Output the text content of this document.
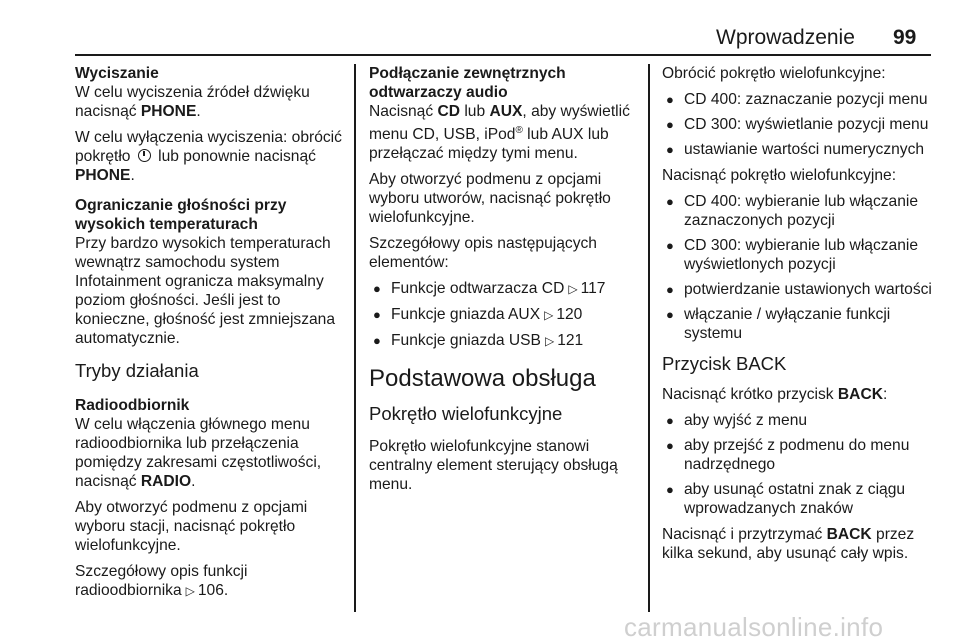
Wprowadzenie 99
Wyciszanie

W celu wyciszenia źródeł dźwięku nacisnąć PHONE.

W celu wyłączenia wyciszenia: obrócić pokrętło  lub ponownie nacisnąć PHONE.

Ograniczanie głośności przy wysokich temperaturach

Przy bardzo wysokich temperaturach wewnątrz samochodu system Infotainment ogranicza maksymalny poziom głośności. Jeśli jest to konieczne, głośność jest zmniejszana automatycznie.

Tryby działania
Radioodbiornik

W celu włączenia głównego menu radioodbiornika lub przełączenia pomiędzy zakresami częstotliwości, nacisnąć RADIO.

Aby otworzyć podmenu z opcjami wyboru stacji, nacisnąć pokrętło wielofunkcyjne.

Szczegółowy opis funkcji radioodbiornika ▷ 106.

Podłączanie zewnętrznych odtwarzaczy audio

Nacisnąć CD lub AUX, aby wyświetlić menu CD, USB, iPod® lub AUX lub przełączać między tymi menu.

Aby otworzyć podmenu z opcjami wyboru utworów, nacisnąć pokrętło wielofunkcyjne.

Szczegółowy opis następujących elementów:

● Funkcje odtwarzacza CD ▷ 117
● Funkcje gniazda AUX ▷ 120
● Funkcje gniazda USB ▷ 121
Podstawowa obsługa
Pokrętło wielofunkcyjne

Pokrętło wielofunkcyjne stanowi centralny element sterujący obsługą menu.

Obrócić pokrętło wielofunkcyjne:

● CD 400: zaznaczanie pozycji menu
● CD 300: wyświetlanie pozycji menu
● ustawianie wartości numerycznych

Nacisnąć pokrętło wielofunkcyjne:

● CD 400: wybieranie lub włączanie zaznaczonych pozycji
● CD 300: wybieranie lub włączanie wyświetlonych pozycji
● potwierdzanie ustawionych wartości
● włączanie / wyłączanie funkcji systemu
Przycisk BACK

Nacisnąć krótko przycisk BACK:

● aby wyjść z menu
● aby przejść z podmenu do menu nadrzędnego
● aby usunąć ostatni znak z ciągu wprowadzanych znaków

Nacisnąć i przytrzymać BACK przez kilka sekund, aby usunąć cały wpis.

carmanualsonline.info
